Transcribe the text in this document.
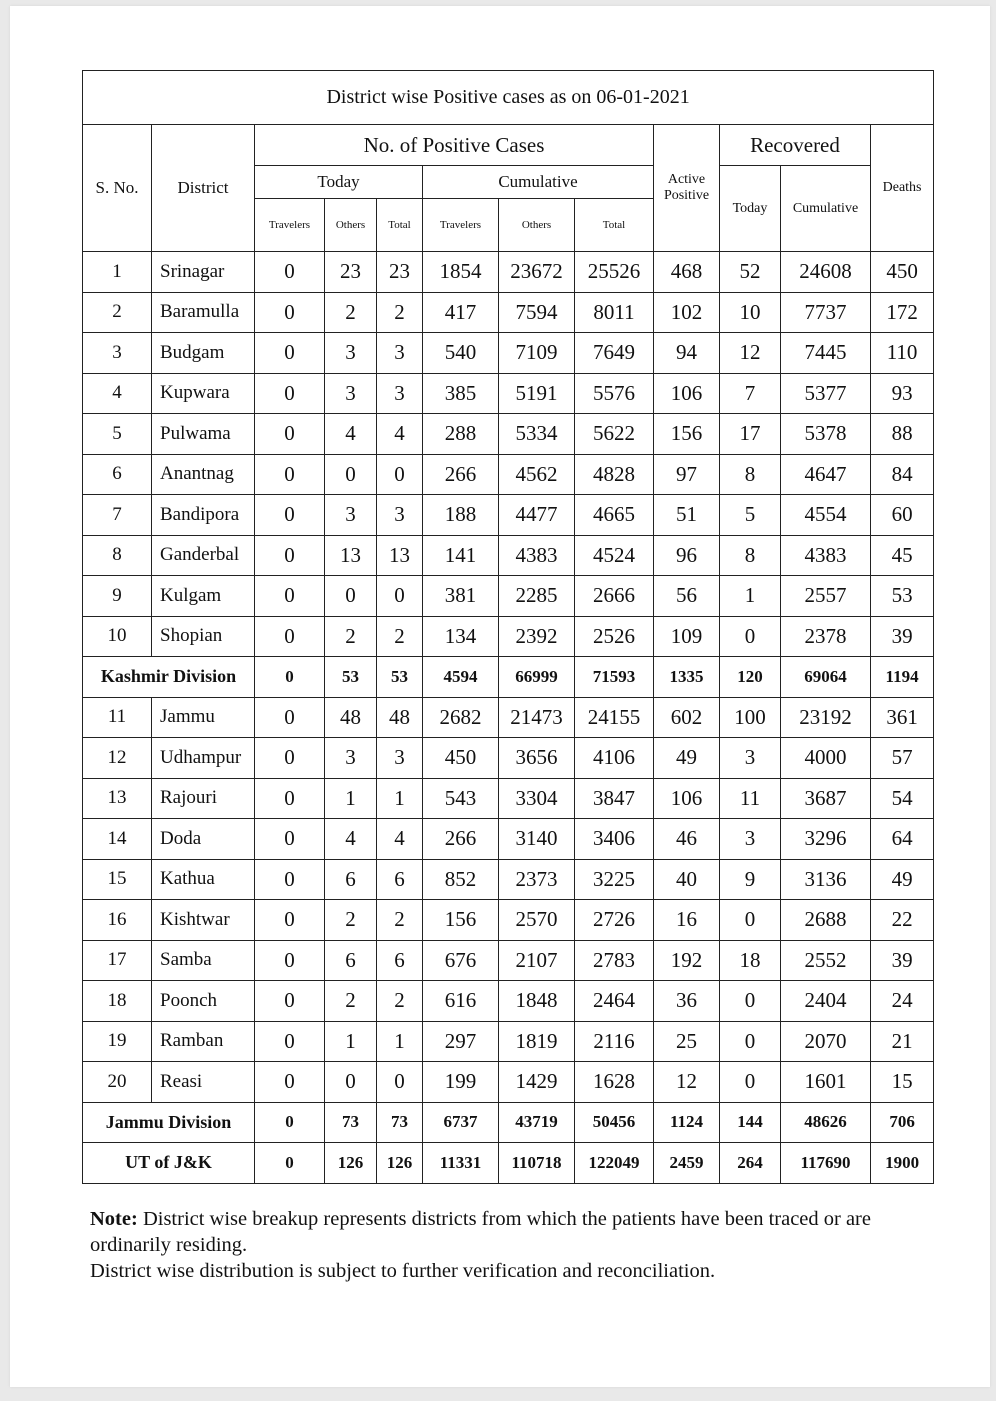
District wise Positive cases as on 06-01-2021											
S. No.	District	No. of Positive Cases						Active Positive	Recovered		Deaths
		Today			Cumulative				Today	Cumulative	
		Travelers	Others	Total	Travelers	Others	Total				
1	Srinagar	0	23	23	1854	23672	25526	468	52	24608	450
2	Baramulla	0	2	2	417	7594	8011	102	10	7737	172
3	Budgam	0	3	3	540	7109	7649	94	12	7445	110
4	Kupwara	0	3	3	385	5191	5576	106	7	5377	93
5	Pulwama	0	4	4	288	5334	5622	156	17	5378	88
6	Anantnag	0	0	0	266	4562	4828	97	8	4647	84
7	Bandipora	0	3	3	188	4477	4665	51	5	4554	60
8	Ganderbal	0	13	13	141	4383	4524	96	8	4383	45
9	Kulgam	0	0	0	381	2285	2666	56	1	2557	53
10	Shopian	0	2	2	134	2392	2526	109	0	2378	39
Kashmir Division		0	53	53	4594	66999	71593	1335	120	69064	1194
11	Jammu	0	48	48	2682	21473	24155	602	100	23192	361
12	Udhampur	0	3	3	450	3656	4106	49	3	4000	57
13	Rajouri	0	1	1	543	3304	3847	106	11	3687	54
14	Doda	0	4	4	266	3140	3406	46	3	3296	64
15	Kathua	0	6	6	852	2373	3225	40	9	3136	49
16	Kishtwar	0	2	2	156	2570	2726	16	0	2688	22
17	Samba	0	6	6	676	2107	2783	192	18	2552	39
18	Poonch	0	2	2	616	1848	2464	36	0	2404	24
19	Ramban	0	1	1	297	1819	2116	25	0	2070	21
20	Reasi	0	0	0	199	1429	1628	12	0	1601	15
Jammu Division		0	73	73	6737	43719	50456	1124	144	48626	706
UT of J&K		0	126	126	11331	110718	122049	2459	264	117690	1900

Note: District wise breakup represents districts from which the patients have been traced or are ordinarily residing.

District wise distribution is subject to further verification and reconciliation.
